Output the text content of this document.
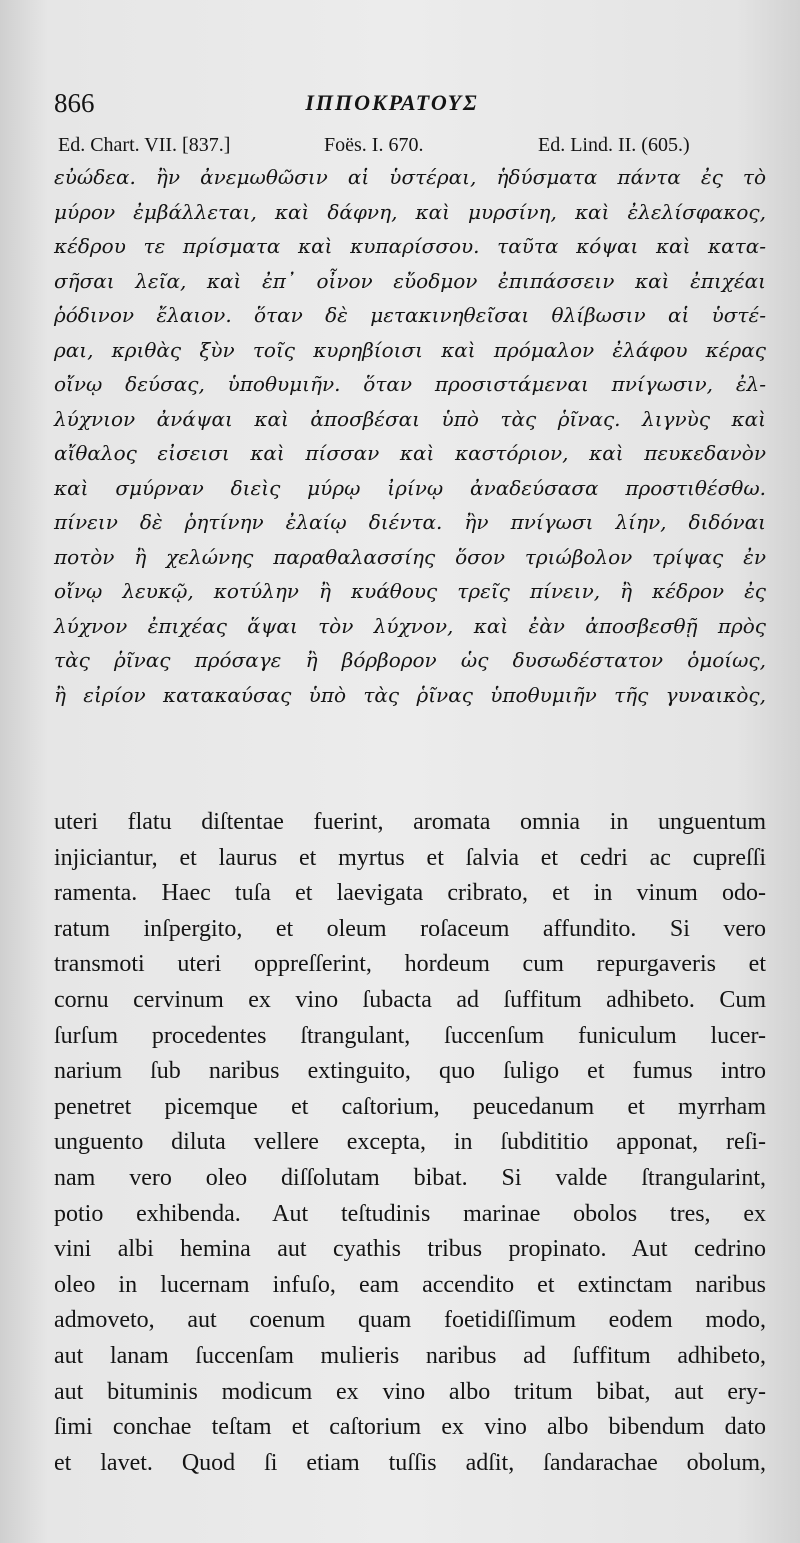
866	ΙΠΠΟΚΡΑΤΟΥΣ
Ed. Chart. VII. [837.]	Foës. I. 670.	Ed. Lind. II. (605.)
εὐώδεα. ἢν ἀνεμωθῶσιν αἱ ὑστέραι, ἡδύσματα πάντα ἐς τὸ
μύρον ἐμβάλλεται, καὶ δάφνη, καὶ μυρσίνη, καὶ ἐλελίσφακος,
κέδρου τε πρίσματα καὶ κυπαρίσσου. ταῦτα κόψαι καὶ κατα-
σῆσαι λεῖα, καὶ ἐπ᾽ οἶνον εὔοδμον ἐπιπάσσειν καὶ ἐπιχέαι
ῥόδινον ἔλαιον. ὅταν δὲ μετακινηθεῖσαι θλίβωσιν αἱ ὑστέ-
ραι, κριθὰς ξὺν τοῖς κυρηβίοισι καὶ πρόμαλον ἐλάφου κέρας
οἴνῳ δεύσας, ὑποθυμιῆν. ὅταν προσιστάμεναι πνίγωσιν, ἐλ-
λύχνιον ἀνάψαι καὶ ἀποσβέσαι ὑπὸ τὰς ῥῖνας. λιγνὺς καὶ
αἴθαλος εἰσεισι καὶ πίσσαν καὶ καστόριον, καὶ πευκεδανὸν
καὶ σμύρναν διεὶς μύρῳ ἰρίνῳ ἀναδεύσασα προστιθέσθω.
πίνειν δὲ ῥητίνην ἐλαίῳ διέντα. ἢν πνίγωσι λίην, διδόναι
ποτὸν ἢ χελώνης παραθαλασσίης ὅσον τριώβολον τρίψας ἐν
οἴνῳ λευκῷ, κοτύλην ἢ κυάθους τρεῖς πίνειν, ἢ κέδρον ἐς
λύχνον ἐπιχέας ἅψαι τὸν λύχνον, καὶ ἐὰν ἀποσβεσθῇ πρὸς
τὰς ῥῖνας πρόσαγε ἢ βόρβορον ὡς δυσωδέστατον ὁμοίως,
ἢ εἰρίον κατακαύσας ὑπὸ τὰς ῥῖνας ὑποθυμιῆν τῆς γυναικὸς,
uteri flatu diſtentae fuerint, aromata omnia in unguentum
injiciantur, et laurus et myrtus et ſalvia et cedri ac cupreſſi
ramenta. Haec tuſa et laevigata cribrato, et in vinum odo-
ratum inſpergito, et oleum roſaceum affundito. Si vero
transmoti uteri oppreſſerint, hordeum cum repurgaveris et
cornu cervinum ex vino ſubacta ad ſuffitum adhibeto. Cum
ſurſum procedentes ſtrangulant, ſuccenſum funiculum lucer-
narium ſub naribus extinguito, quo ſuligo et fumus intro
penetret picemque et caſtorium, peucedanum et myrrham
unguento diluta vellere excepta, in ſubdititio apponat, reſi-
nam vero oleo diſſolutam bibat. Si valde ſtrangularint,
potio exhibenda. Aut teſtudinis marinae obolos tres, ex
vini albi hemina aut cyathis tribus propinato. Aut cedrino
oleo in lucernam infuſo, eam accendito et extinctam naribus
admoveto, aut coenum quam foetidiſſimum eodem modo,
aut lanam ſuccenſam mulieris naribus ad ſuffitum adhibeto,
aut bituminis modicum ex vino albo tritum bibat, aut ery-
ſimi conchae teſtam et caſtorium ex vino albo bibendum dato
et lavet. Quod ſi etiam tuſſis adſit, ſandarachae obolum,
